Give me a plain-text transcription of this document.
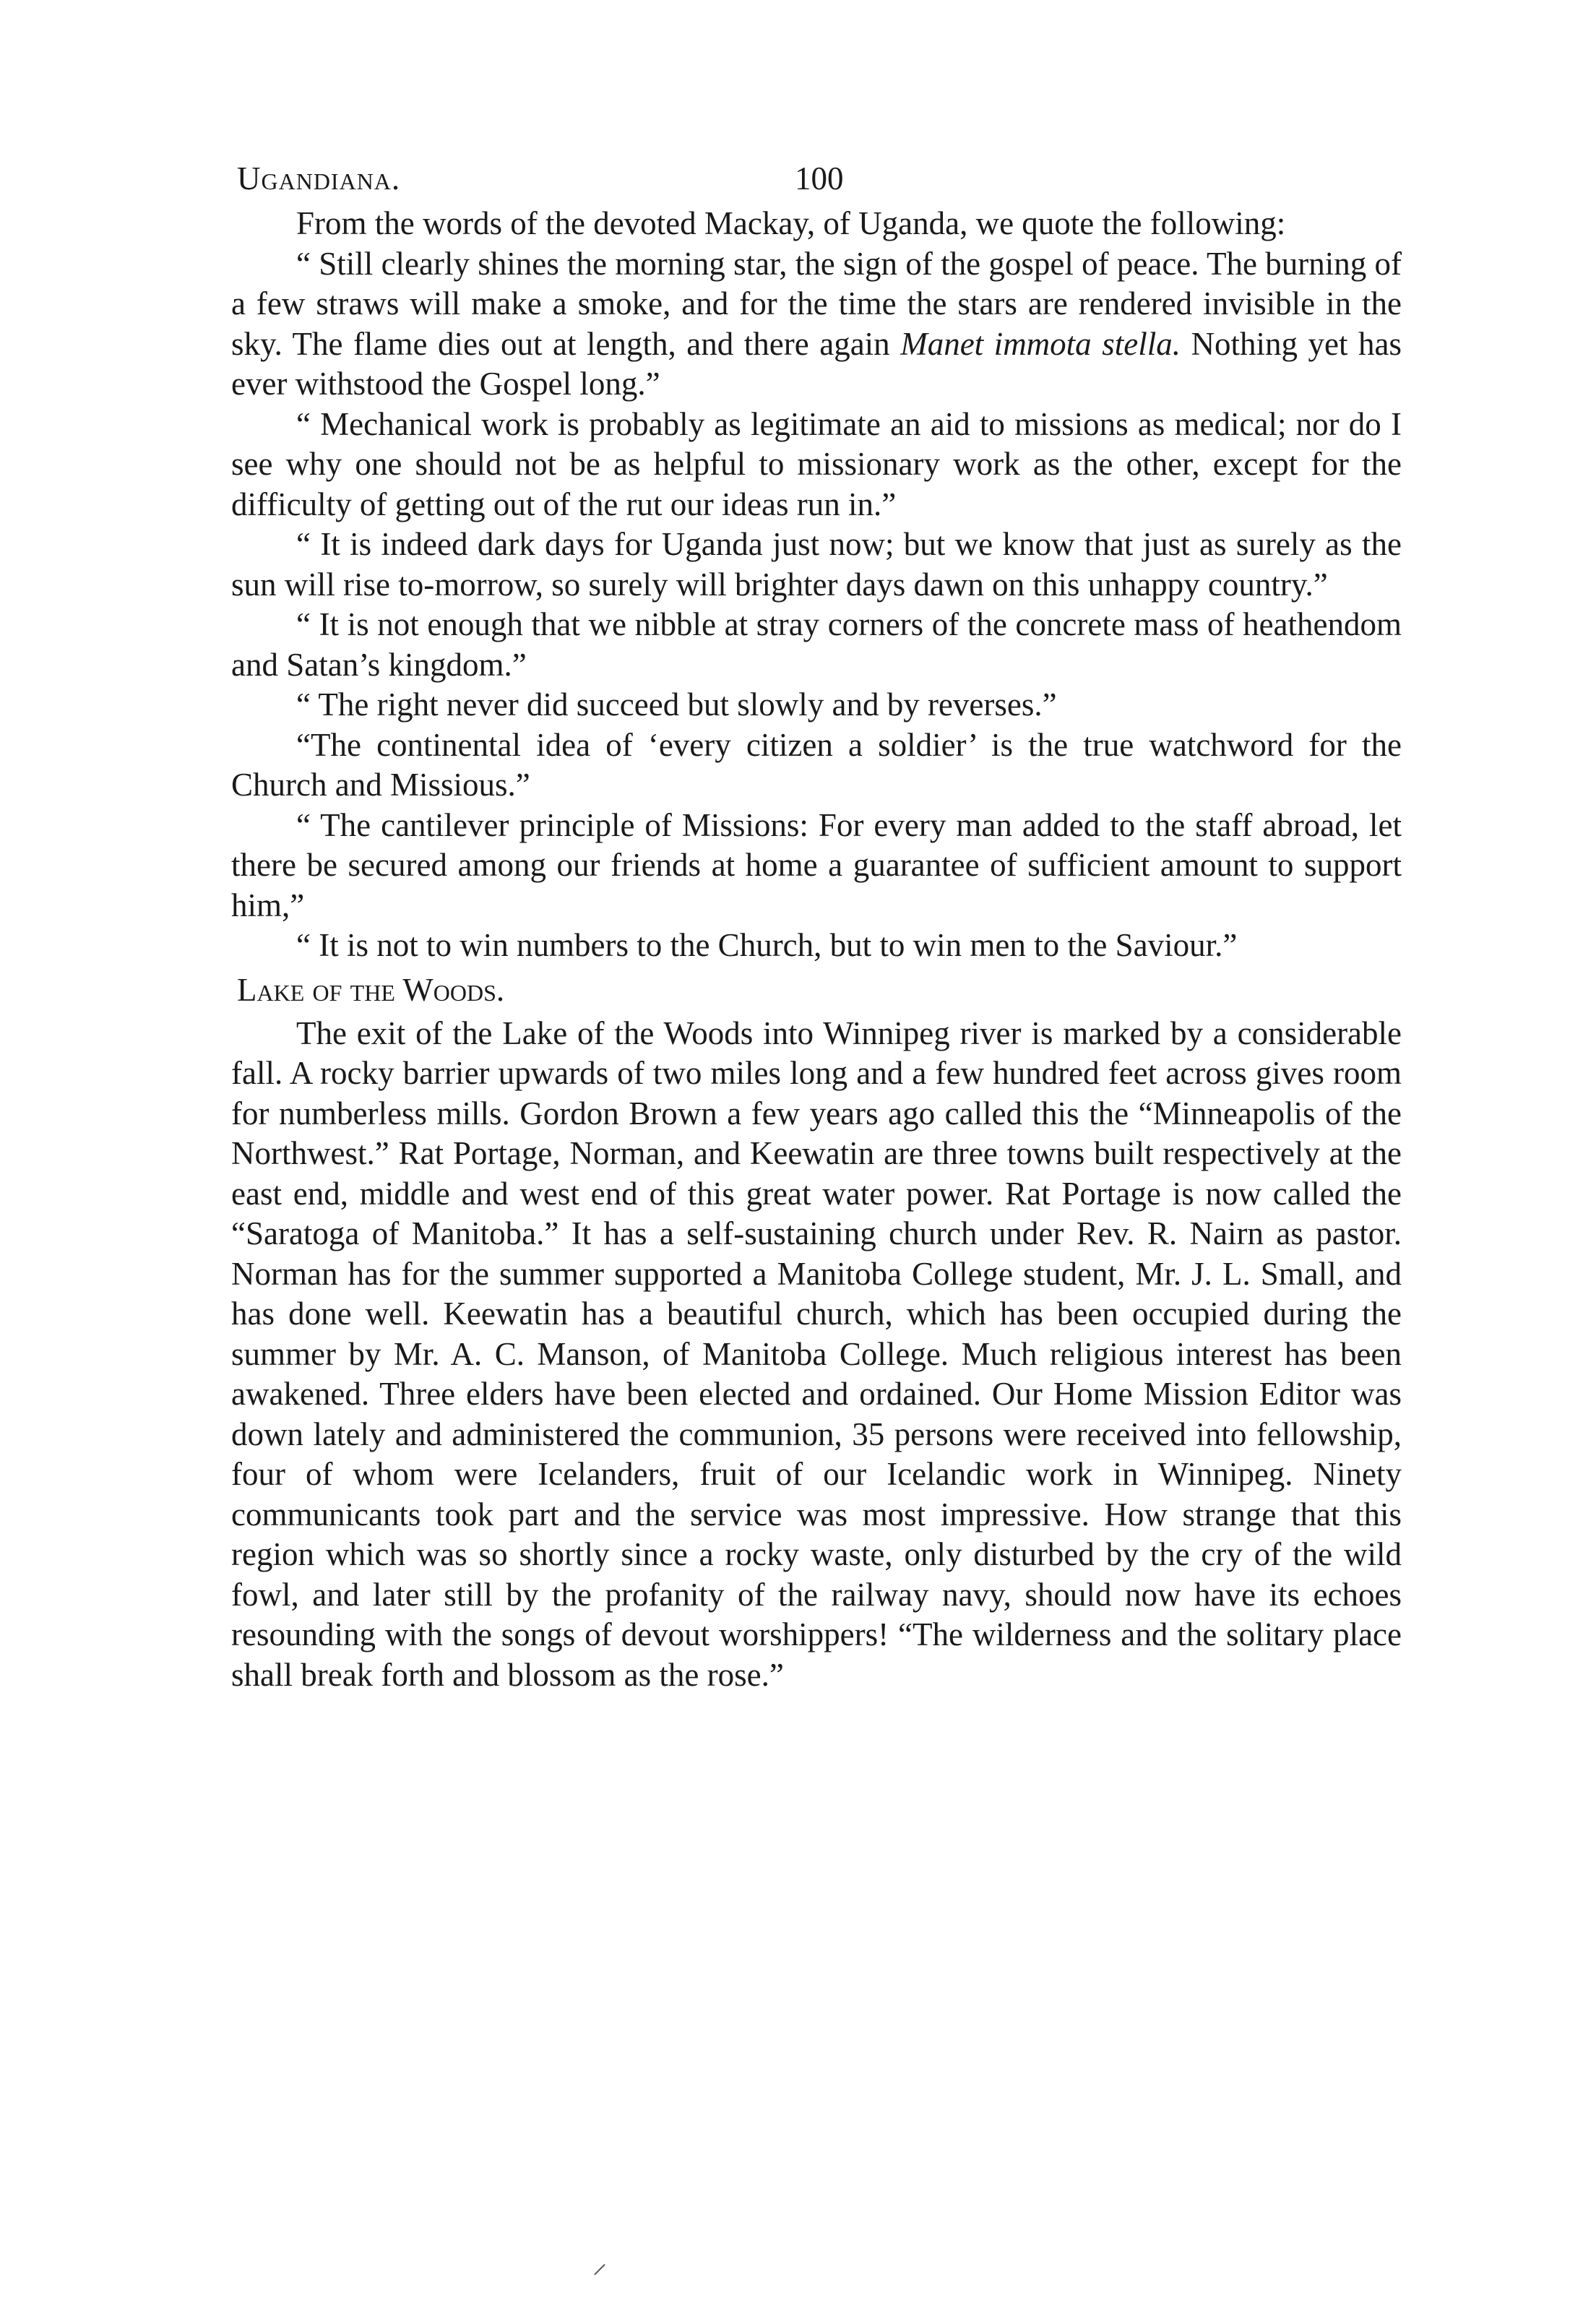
Ugandiana.	100

From the words of the devoted Mackay, of Uganda, we quote the following:

“ Still clearly shines the morning star, the sign of the gospel of peace. The burning of a few straws will make a smoke, and for the time the stars are rendered invisible in the sky. The flame dies out at length, and there again Manet immota stella. Nothing yet has ever withstood the Gospel long.”

“ Mechanical work is probably as legitimate an aid to missions as medical; nor do I see why one should not be as helpful to missionary work as the other, except for the difficulty of getting out of the rut our ideas run in.”

“ It is indeed dark days for Uganda just now; but we know that just as surely as the sun will rise to-morrow, so surely will brighter days dawn on this unhappy country.”

“ It is not enough that we nibble at stray corners of the concrete mass of heathendom and Satan’s kingdom.”

“ The right never did succeed but slowly and by reverses.”

“The continental idea of ‘every citizen a soldier’ is the true watchword for the Church and Missious.”

“ The cantilever principle of Missions: For every man added to the staff abroad, let there be secured among our friends at home a guarantee of sufficient amount to support him,”

“ It is not to win numbers to the Church, but to win men to the Saviour.”

Lake of the Woods.

The exit of the Lake of the Woods into Winnipeg river is marked by a considerable fall. A rocky barrier upwards of two miles long and a few hundred feet across gives room for numberless mills. Gordon Brown a few years ago called this the “Minneapolis of the Northwest.” Rat Portage, Norman, and Keewatin are three towns built respectively at the east end, middle and west end of this great water power. Rat Portage is now called the “Saratoga of Manitoba.” It has a self-sustaining church under Rev. R. Nairn as pastor. Norman has for the summer supported a Manitoba College student, Mr. J. L. Small, and has done well. Keewatin has a beautiful church, which has been occupied during the summer by Mr. A. C. Manson, of Manitoba College. Much religious interest has been awakened. Three elders have been elected and ordained. Our Home Mission Editor was down lately and administered the communion, 35 persons were received into fellowship, four of whom were Icelanders, fruit of our Icelandic work in Winnipeg. Ninety communicants took part and the service was most impressive. How strange that this region which was so shortly since a rocky waste, only disturbed by the cry of the wild fowl, and later still by the profanity of the railway navy, should now have its echoes resounding with the songs of devout worshippers! “The wilderness and the solitary place shall break forth and blossom as the rose.”
